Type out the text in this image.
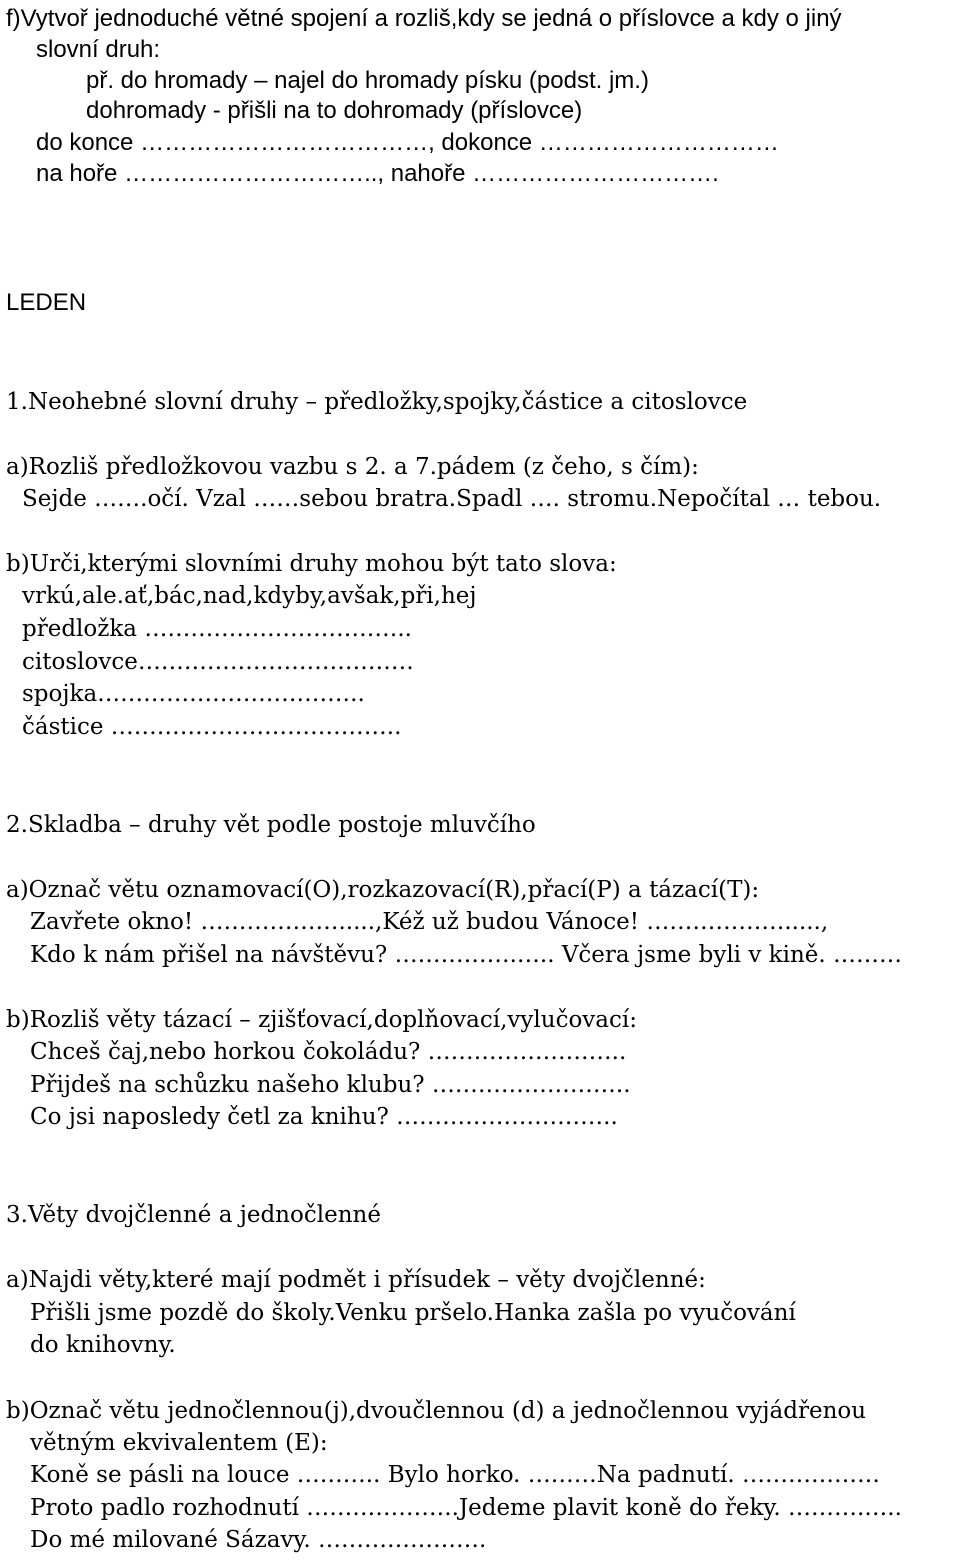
f)Vytvoř jednoduché větné spojení a rozliš,kdy se jedná o příslovce a kdy o jiný
slovní druh:
př. do hromady – najel do hromady písku (podst. jm.)
dohromady - přišli na to dohromady (příslovce)
do konce ………………………………, dokonce …………………………
na hoře ………………………….., nahoře ………………………….
LEDEN
1.Neohebné slovní druhy – předložky,spojky,částice a citoslovce
a)Rozliš předložkovou vazbu s 2. a 7.pádem (z čeho, s čím):
Sejde …….očí. Vzal ……sebou bratra.Spadl …. stromu.Nepočítal … tebou.
b)Urči,kterými slovními druhy mohou být tato slova:
vrkú,ale.ať,bác,nad,kdyby,avšak,při,hej
předložka ……………………………..
citoslovce………………………………
spojka……………………………..
částice ………………………………..
2.Skladba – druhy vět podle postoje mluvčího
a)Označ větu oznamovací(O),rozkazovací(R),přací(P) a tázací(T):
Zavřete okno! ……………….....,Kéž už budou Vánoce! ……………….....,
Kdo k nám přišel na návštěvu? …………….….. Včera jsme byli v kině. ………
b)Rozliš věty tázací – zjišťovací,doplňovací,vylučovací:
Chceš čaj,nebo horkou čokoládu? ……………………..
Přijdeš na schůzku našeho klubu? ……………………..
Co jsi naposledy četl za knihu? ………………………..
3.Věty dvojčlenné a jednočlenné
a)Najdi věty,které mají podmět i přísudek – věty dvojčlenné:
Přišli jsme pozdě do školy.Venku pršelo.Hanka zašla po vyučování
do knihovny.
b)Označ větu jednočlennou(j),dvoučlennou (d) a jednočlennou vyjádřenou
větným ekvivalentem (E):
Koně se pásli na louce ……….. Bylo horko. ………Na padnutí. ………………
Proto padlo rozhodnutí ………………..Jedeme plavit koně do řeky. ……….…..
Do mé milované Sázavy. ………………….
